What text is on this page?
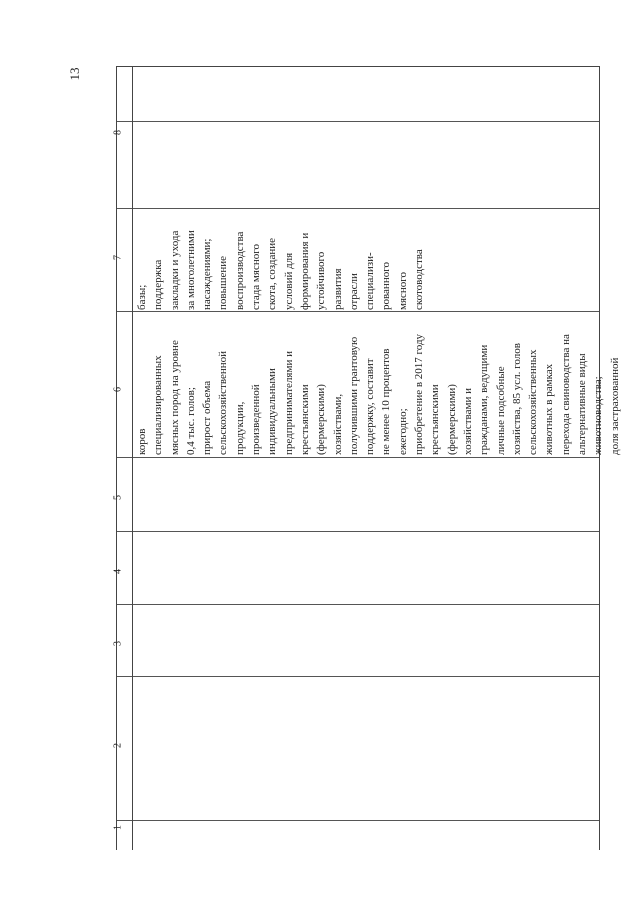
13
1
2
3
4
5
6
7
8
коров специализированных мясных пород на уровне 0,4 тыс. голов; прирост объема сельскохозяйственной продукции, произведенной индивидуальными предпринимателями и крестьянскими (фермерскими) хозяйствами, получившими грантовую поддержку, составит не менее 10 процентов ежегодно; приобретение в 2017 году крестьянскими (фермерскими) хозяйствами и гражданами, ведущими личные подсобные хозяйства, 85 усл. голов сельскохозяйственных животных в рамках перехода свиноводства на альтернативные виды животноводства; доля застрахованной
базы; поддержка закладки и ухода за многолетними насаждениями; повышение воспроизводства стада мясного скота, создание условий для формирования и устойчивого развития отрасли специализи- рованного мясного скотоводства
